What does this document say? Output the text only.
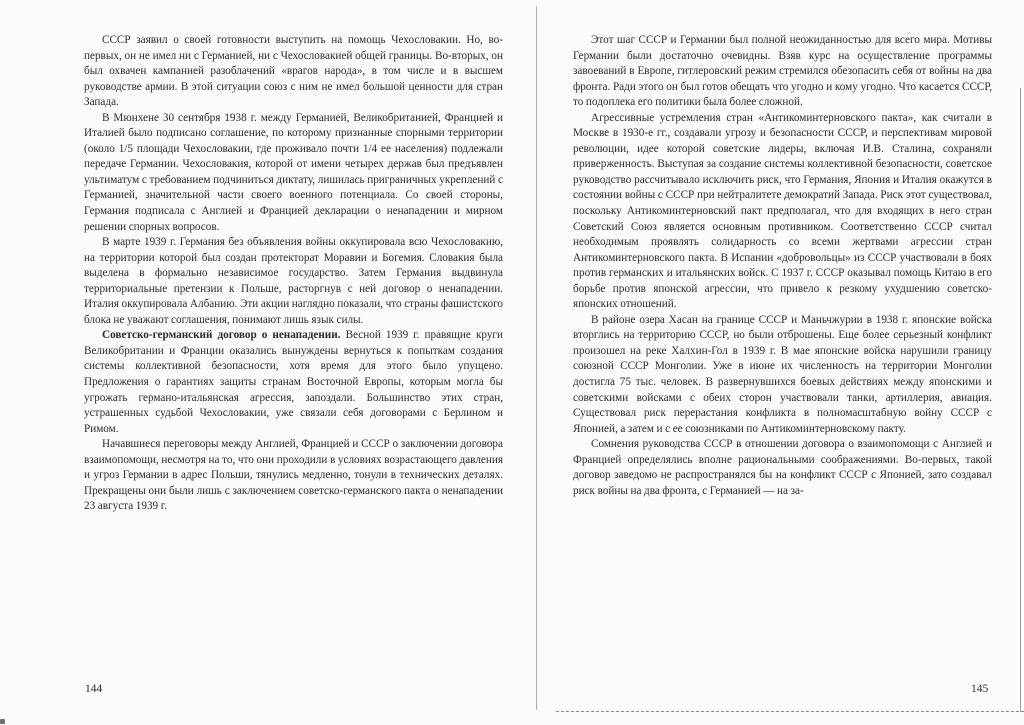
СССР заявил о своей готовности выступить на помощь Чехословакии. Но, во-первых, он не имел ни с Германией, ни с Чехословакией общей границы. Во-вторых, он был охвачен кампанией разоблачений «врагов народа», в том числе и в высшем руководстве армии. В этой ситуации союз с ним не имел большой ценности для стран Запада.

В Мюнхене 30 сентября 1938 г. между Германией, Великобританией, Францией и Италией было подписано соглашение, по которому признанные спорными территории (около 1/5 площади Чехословакии, где проживало почти 1/4 ее населения) подлежали передаче Германии. Чехословакия, которой от имени четырех держав был предъявлен ультиматум с требованием подчиниться диктату, лишилась приграничных укреплений с Германией, значительной части своего военного потенциала. Со своей стороны, Германия подписала с Англией и Францией декларации о ненападении и мирном решении спорных вопросов.

В марте 1939 г. Германия без объявления войны оккупировала всю Чехословакию, на территории которой был создан протекторат Моравии и Богемия. Словакия была выделена в формально независимое государство. Затем Германия выдвинула территориальные претензии к Польше, расторгнув с ней договор о ненападении. Италия оккупировала Албанию. Эти акции наглядно показали, что страны фашистского блока не уважают соглашения, понимают лишь язык силы.

Советско-германский договор о ненападении. Весной 1939 г. правящие круги Великобритании и Франции оказались вынуждены вернуться к попыткам создания системы коллективной безопасности, хотя время для этого было упущено. Предложения о гарантиях защиты странам Восточной Европы, которым могла бы угрожать германо-итальянская агрессия, запоздали. Большинство этих стран, устрашенных судьбой Чехословакии, уже связали себя договорами с Берлином и Римом.

Начавшиеся переговоры между Англией, Францией и СССР о заключении договора взаимопомощи, несмотря на то, что они проходили в условиях возрастающего давления и угроз Германии в адрес Польши, тянулись медленно, тонули в технических деталях. Прекращены они были лишь с заключением советско-германского пакта о ненападении 23 августа 1939 г.

144

Этот шаг СССР и Германии был полной неожиданностью для всего мира. Мотивы Германии были достаточно очевидны. Взяв курс на осуществление программы завоеваний в Европе, гитлеровский режим стремился обезопасить себя от войны на два фронта. Ради этого он был готов обещать что угодно и кому угодно. Что касается СССР, то подоплека его политики была более сложной.

Агрессивные устремления стран «Антикоминтерновского пакта», как считали в Москве в 1930-е гг., создавали угрозу и безопасности СССР, и перспективам мировой революции, идее которой советские лидеры, включая И.В. Сталина, сохраняли приверженность. Выступая за создание системы коллективной безопасности, советское руководство рассчитывало исключить риск, что Германия, Япония и Италия окажутся в состоянии войны с СССР при нейтралитете демократий Запада. Риск этот существовал, поскольку Антикоминтерновский пакт предполагал, что для входящих в него стран Советский Союз является основным противником. Соответственно СССР считал необходимым проявлять солидарность со всеми жертвами агрессии стран Антикоминтерновского пакта. В Испании «добровольцы» из СССР участвовали в боях против германских и итальянских войск. С 1937 г. СССР оказывал помощь Китаю в его борьбе против японской агрессии, что привело к резкому ухудшению советско-японских отношений.

В районе озера Хасан на границе СССР и Маньчжурии в 1938 г. японские войска вторглись на территорию СССР, но были отброшены. Еще более серьезный конфликт произошел на реке Халхин-Гол в 1939 г. В мае японские войска нарушили границу союзной СССР Монголии. Уже в июне их численность на территории Монголии достигла 75 тыс. человек. В развернувшихся боевых действиях между японскими и советскими войсками с обеих сторон участвовали танки, артиллерия, авиация. Существовал риск перерастания конфликта в полномасштабную войну СССР с Японией, а затем и с ее союзниками по Антикоминтерновскому пакту.

Сомнения руководства СССР в отношении договора о взаимопомощи с Англией и Францией определялись вполне рациональными соображениями. Во-первых, такой договор заведомо не распространялся бы на конфликт СССР с Японией, зато создавал риск войны на два фронта, с Германией — на за-

145
